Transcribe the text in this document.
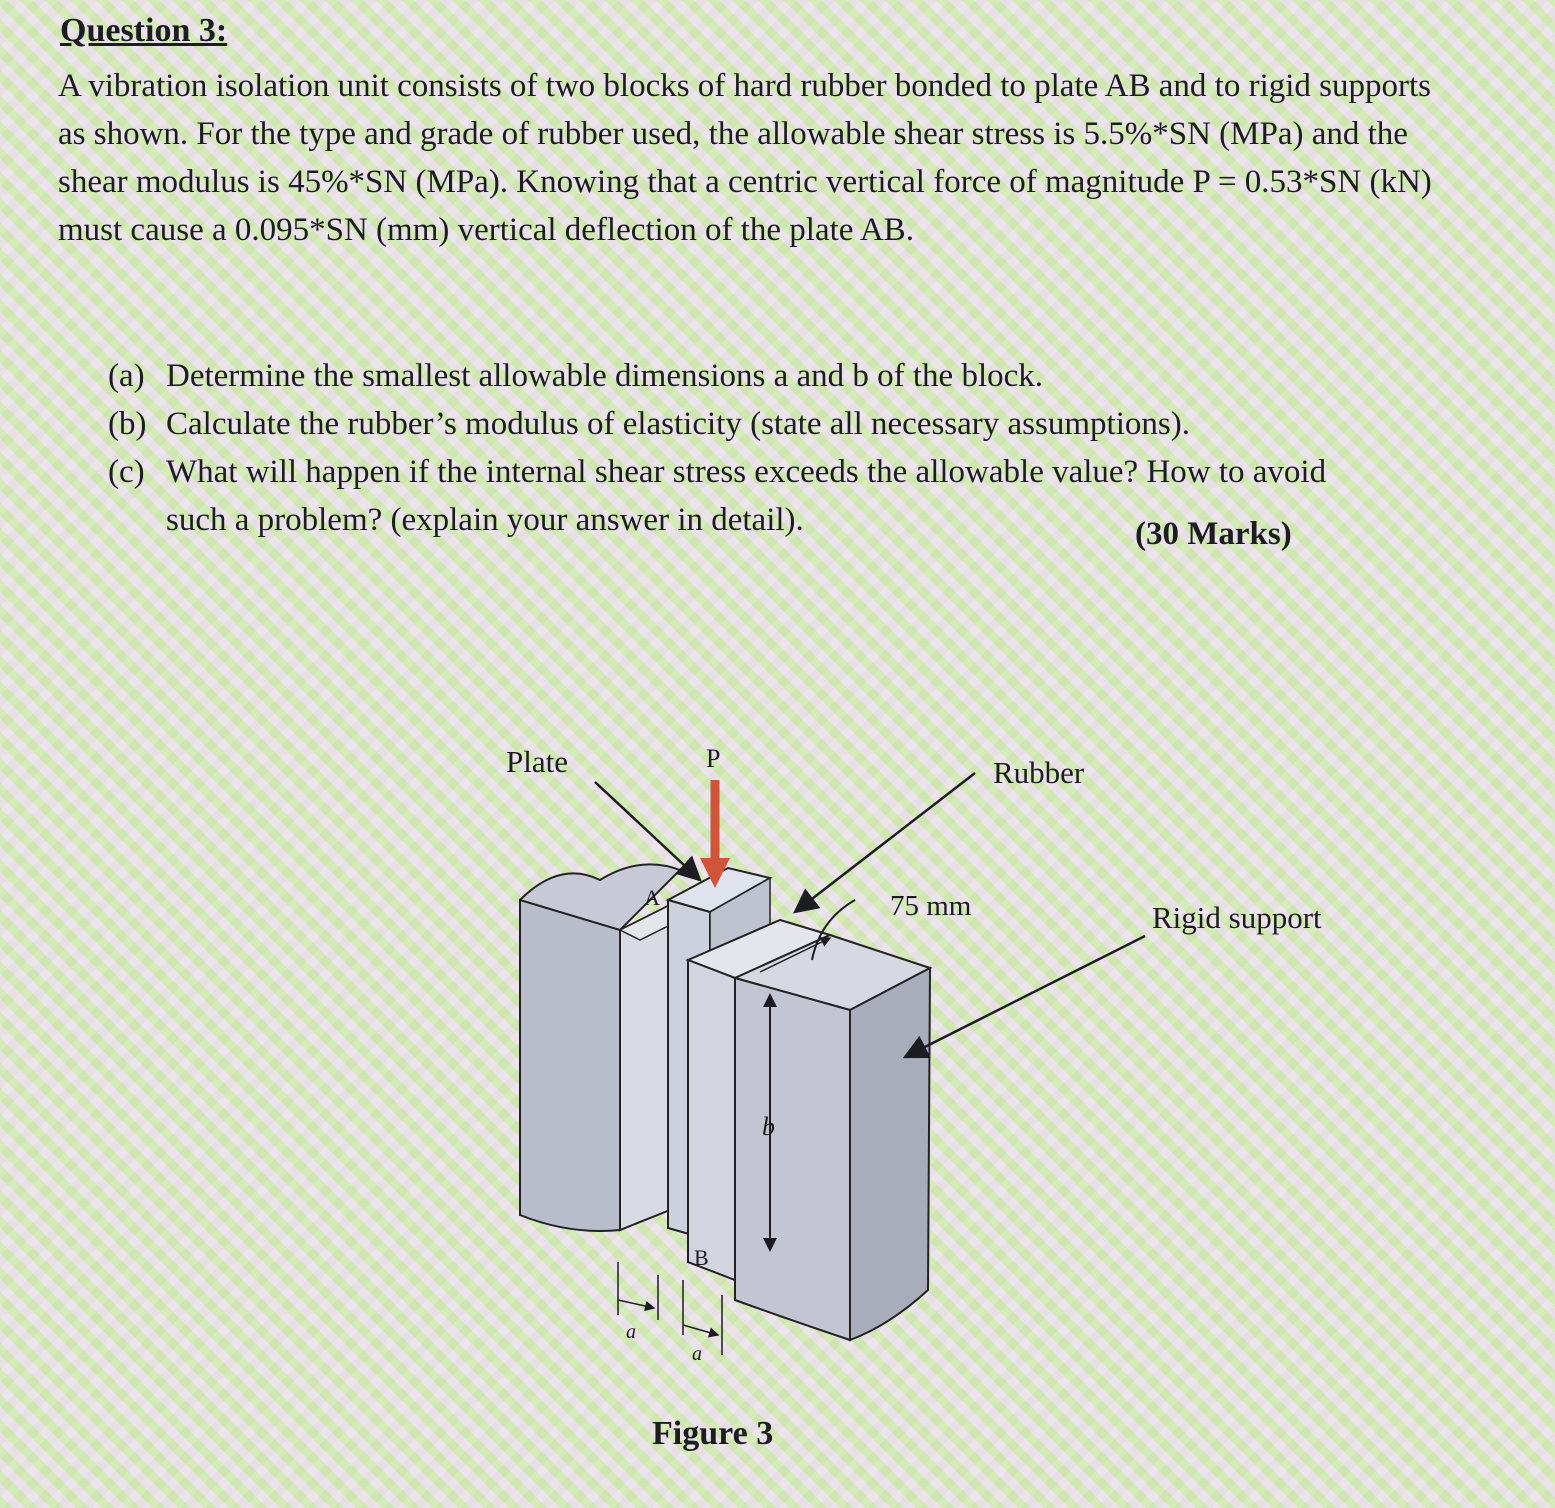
Question 3:
A vibration isolation unit consists of two blocks of hard rubber bonded to plate AB and to rigid supports as shown. For the type and grade of rubber used, the allowable shear stress is 5.5%*SN (MPa) and the shear modulus is 45%*SN (MPa). Knowing that a centric vertical force of magnitude P = 0.53*SN (kN) must cause a 0.095*SN (mm) vertical deflection of the plate AB.
(a) Determine the smallest allowable dimensions a and b of the block.
(b) Calculate the rubber’s modulus of elasticity (state all necessary assumptions).
(c) What will happen if the internal shear stress exceeds the allowable value? How to avoid such a problem? (explain your answer in detail).	(30 Marks)
Plate	P	Rubber
75 mm	Rigid support
A
B
b
a
a
Figure 3
